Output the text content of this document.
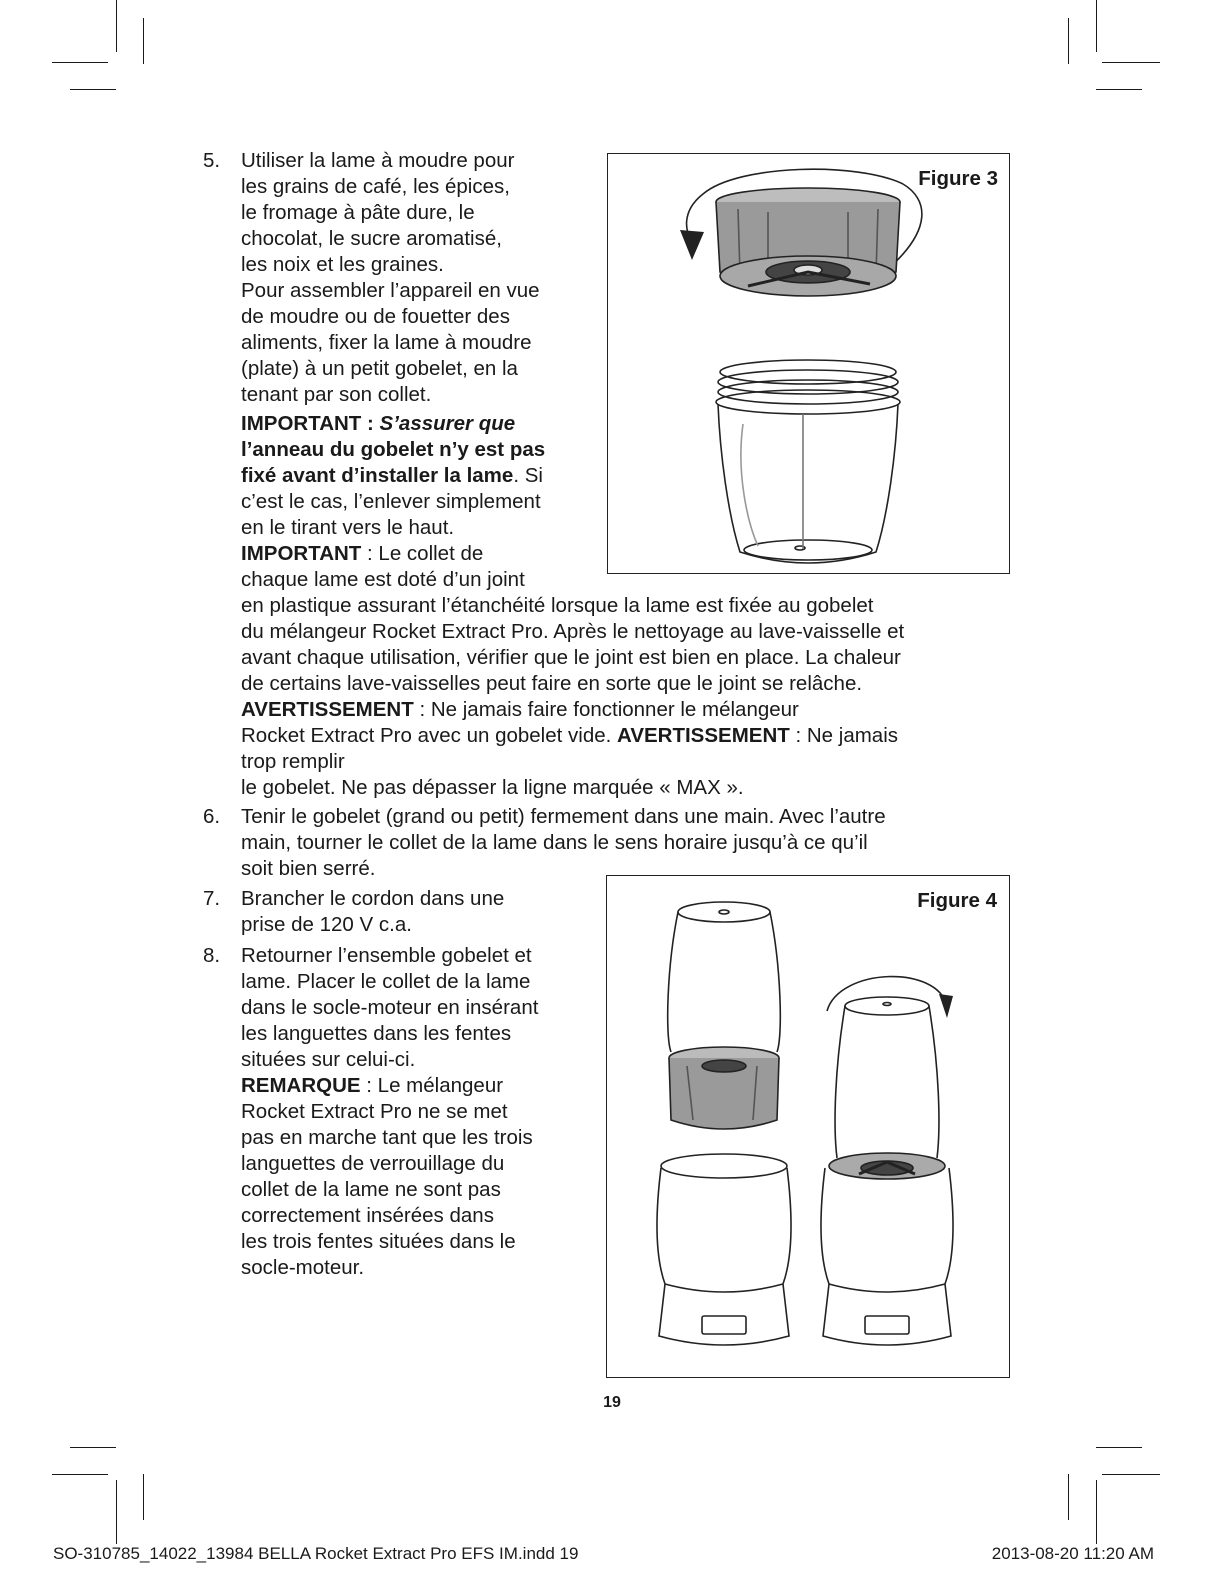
5. Utiliser la lame à moudre pour
les grains de café, les épices,
le fromage à pâte dure, le
chocolat, le sucre aromatisé,
les noix et les graines.
Pour assembler l’appareil en vue
de moudre ou de fouetter des
aliments, fixer la lame à moudre
(plate) à un petit gobelet, en la
tenant par son collet.
IMPORTANT : S’assurer que
l’anneau du gobelet n’y est pas
fixé avant d’installer la lame. Si
c’est le cas, l’enlever simplement
en le tirant vers le haut.
IMPORTANT : Le collet de
chaque lame est doté d’un joint
en plastique assurant l’étanchéité lorsque la lame est fixée au gobelet
du mélangeur Rocket Extract Pro. Après le nettoyage au lave-vaisselle et
avant chaque utilisation, vérifier que le joint est bien en place. La chaleur
de certains lave-vaisselles peut faire en sorte que le joint se relâche.
AVERTISSEMENT : Ne jamais faire fonctionner le mélangeur
Rocket Extract Pro avec un gobelet vide. AVERTISSEMENT : Ne jamais
trop remplir
le gobelet. Ne pas dépasser la ligne marquée « MAX ».
6. Tenir le gobelet (grand ou petit) fermement dans une main. Avec l’autre
main, tourner le collet de la lame dans le sens horaire jusqu’à ce qu’il
soit bien serré.
7. Brancher le cordon dans une
prise de 120 V c.a.
8. Retourner l’ensemble gobelet et
lame. Placer le collet de la lame
dans le socle-moteur en insérant
les languettes dans les fentes
situées sur celui-ci.
REMARQUE : Le mélangeur
Rocket Extract Pro ne se met
pas en marche tant que les trois
languettes de verrouillage du
collet de la lame ne sont pas
correctement insérées dans
les trois fentes situées dans le
socle-moteur.
Figure 3
Figure 4
19
SO-310785_14022_13984 BELLA Rocket Extract Pro EFS IM.indd 19	2013-08-20 11:20 AM
